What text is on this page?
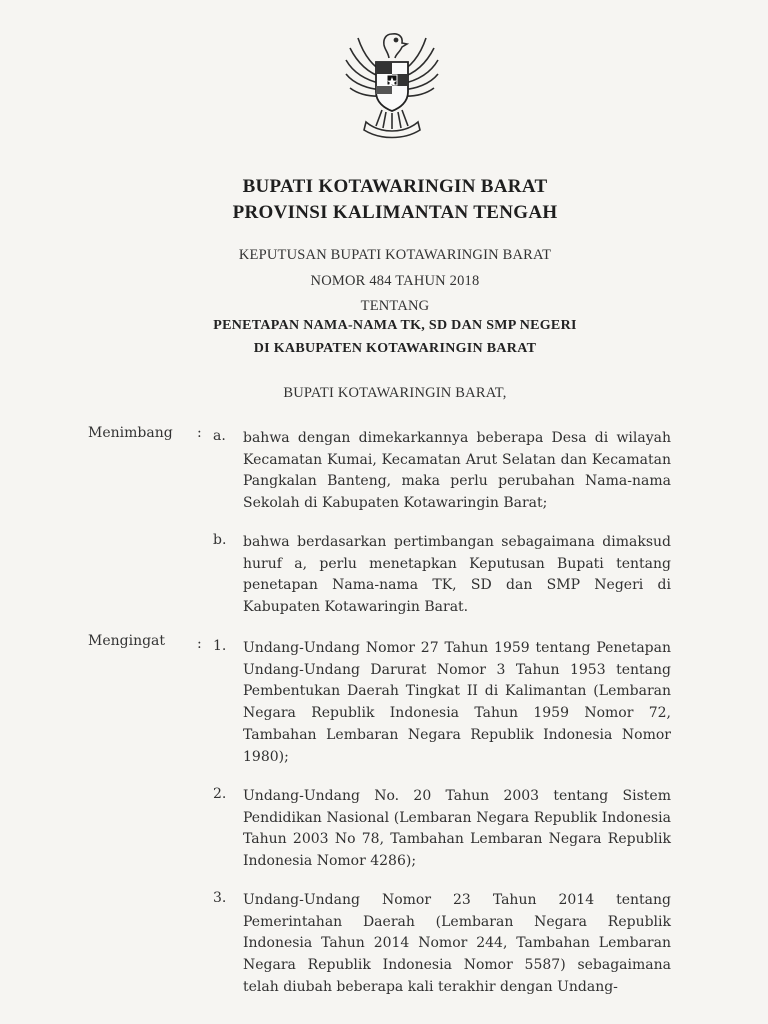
BUPATI KOTAWARINGIN BARAT
PROVINSI KALIMANTAN TENGAH
KEPUTUSAN BUPATI KOTAWARINGIN BARAT
NOMOR 484 TAHUN 2018
TENTANG
PENETAPAN NAMA-NAMA TK, SD DAN SMP NEGERI
DI KABUPATEN KOTAWARINGIN BARAT
BUPATI KOTAWARINGIN BARAT,
Menimbang : a. bahwa dengan dimekarkannya beberapa Desa di wilayah Kecamatan Kumai, Kecamatan Arut Selatan dan Kecamatan Pangkalan Banteng, maka perlu perubahan Nama-nama Sekolah di Kabupaten Kotawaringin Barat;
b. bahwa berdasarkan pertimbangan sebagaimana dimaksud huruf a, perlu menetapkan Keputusan Bupati tentang penetapan Nama-nama TK, SD dan SMP Negeri di Kabupaten Kotawaringin Barat.
Mengingat : 1. Undang-Undang Nomor 27 Tahun 1959 tentang Penetapan Undang-Undang Darurat Nomor 3 Tahun 1953 tentang Pembentukan Daerah Tingkat II di Kalimantan (Lembaran Negara Republik Indonesia Tahun 1959 Nomor 72, Tambahan Lembaran Negara Republik Indonesia Nomor 1980);
2. Undang-Undang No. 20 Tahun 2003 tentang Sistem Pendidikan Nasional (Lembaran Negara Republik Indonesia Tahun 2003 No 78, Tambahan Lembaran Negara Republik Indonesia Nomor 4286);
3. Undang-Undang Nomor 23 Tahun 2014 tentang Pemerintahan Daerah (Lembaran Negara Republik Indonesia Tahun 2014 Nomor 244, Tambahan Lembaran Negara Republik Indonesia Nomor 5587) sebagaimana telah diubah beberapa kali terakhir dengan Undang-
